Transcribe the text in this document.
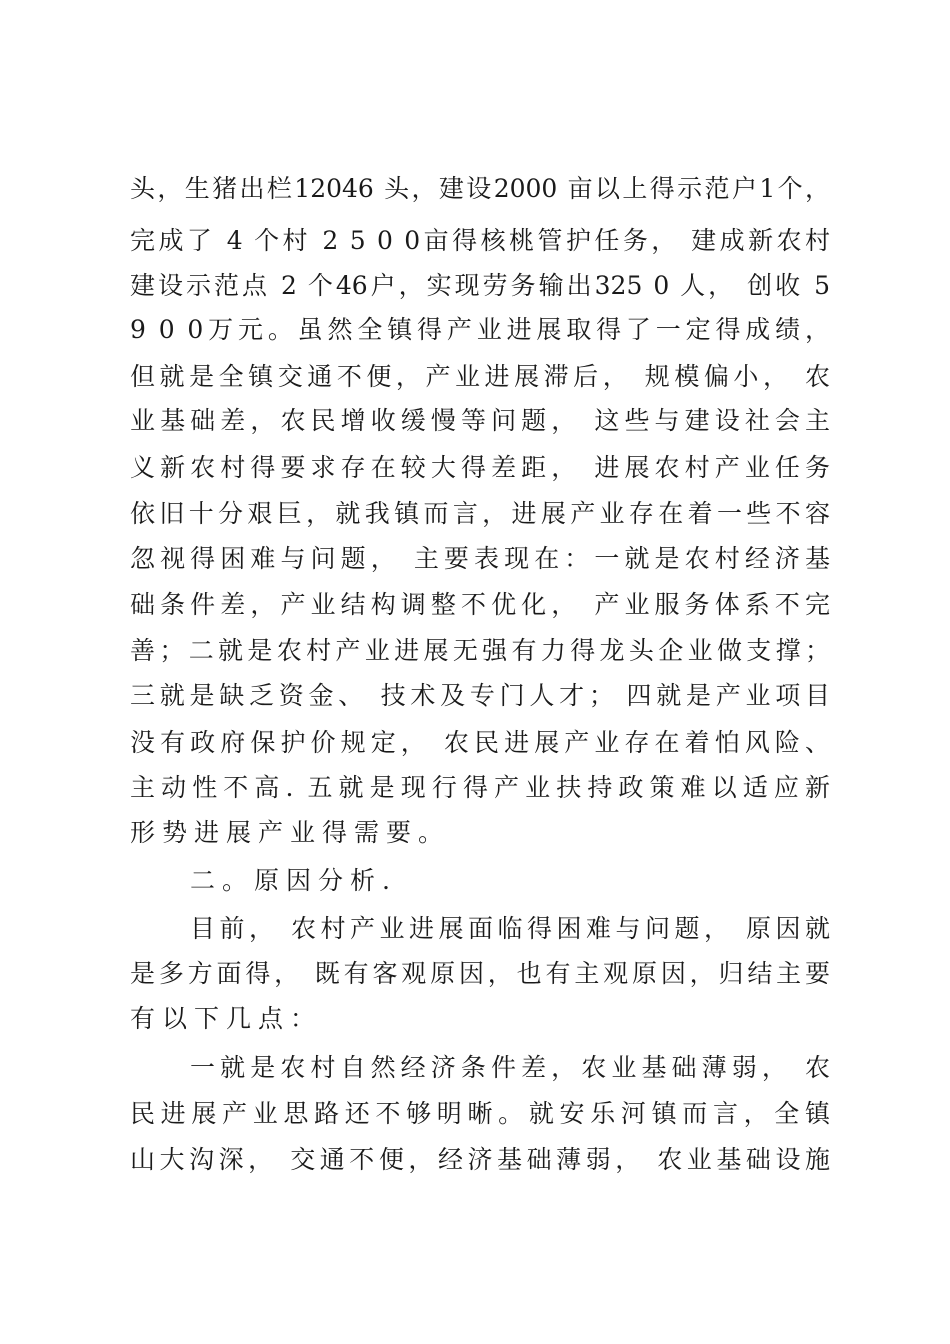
头，生猪出栏12046 头，建设2000 亩以上得示范户1个，
完成了 4 个村 2 5 0 0亩得核桃管护任务， 建成新农村
建设示范点 2 个46户，实现劳务输出325 0 人， 创收 5
9 0 0万元。虽然全镇得产业进展取得了一定得成绩，
但就是全镇交通不便，产业进展滞后， 规模偏小， 农
业基础差，农民增收缓慢等问题， 这些与建设社会主
义新农村得要求存在较大得差距， 进展农村产业任务
依旧十分艰巨，就我镇而言，进展产业存在着一些不容
忽视得困难与问题， 主要表现在：一就是农村经济基
础条件差，产业结构调整不优化， 产业服务体系不完
善；二就是农村产业进展无强有力得龙头企业做支撑；
三就是缺乏资金、 技术及专门人才； 四就是产业项目
没有政府保护价规定， 农民进展产业存在着怕风险、
主动性不高. 五就是现行得产业扶持政策难以适应新
形势进展产业得需要。
二。原因分析.
目前， 农村产业进展面临得困难与问题， 原因就
是多方面得， 既有客观原因，也有主观原因，归结主要
有以下几点：
一就是农村自然经济条件差，农业基础薄弱， 农
民进展产业思路还不够明晰。就安乐河镇而言，全镇
山大沟深， 交通不便，经济基础薄弱， 农业基础设施
